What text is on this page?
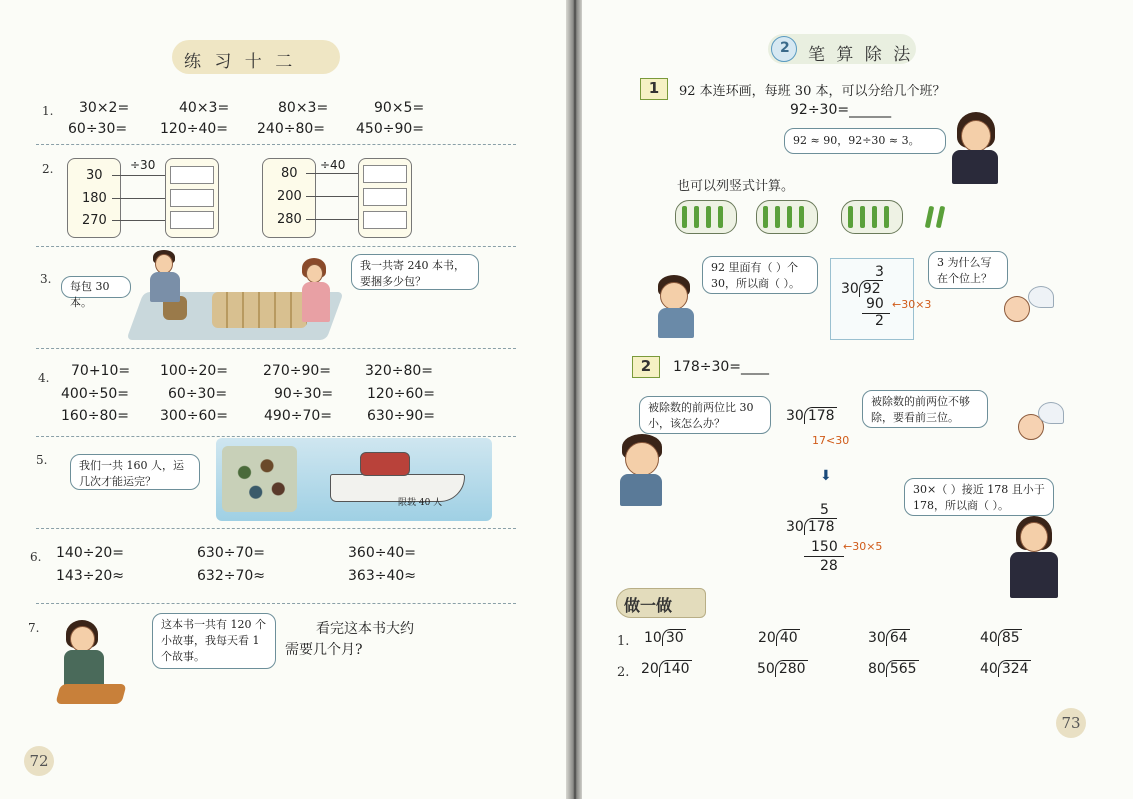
练 习 十 二
1. 30×2=	40×3=	80×3=	90×5=
60÷30= 120÷40= 240÷80= 450÷90=
2.	30
180
270
÷30
80
200
280
÷40
3.
每包 30 本。
我一共寄 240 本书，要捆多少包？
4. 70+10= 100÷20=	270÷90= 320÷80=
400÷50=	60÷30=	90÷30= 120÷60=
160÷80= 300÷60=	490÷70=	630÷90=
5.
限载 40 人
我们一共 160 人，运几次才能运完？
6. 140÷20=	630÷70=	360÷40=
143÷20≈	632÷70≈	363÷40≈
7.	这本书一共有 120 个小故事，我每天看 1 个故事。
看完这本书大约
需要几个月?
72
2 笔 算 除 法
1	92 本连环画，每班 30 本，可以分给几个班？
92÷30=______
92 ≈ 90，92÷30 ≈ 3。
也可以列竖式计算。
92 里面有（ ）个 30，所以商（ ）。
3
30 92
90 ←30×3
2
3 为什么写在个位上？
2	178÷30=____
被除数的前两位比 30 小，该怎么办？	30 178
17<30
⬇
被除数的前两位不够除，要看前三位。
30×（ ）接近 178 且小于 178，所以商（ ）。
5
30 178
150 ←30×5
28
做一做
1. 10 30	20 40	30 64	40 85
2. 20 140	50 280	80 565	40 324
73
